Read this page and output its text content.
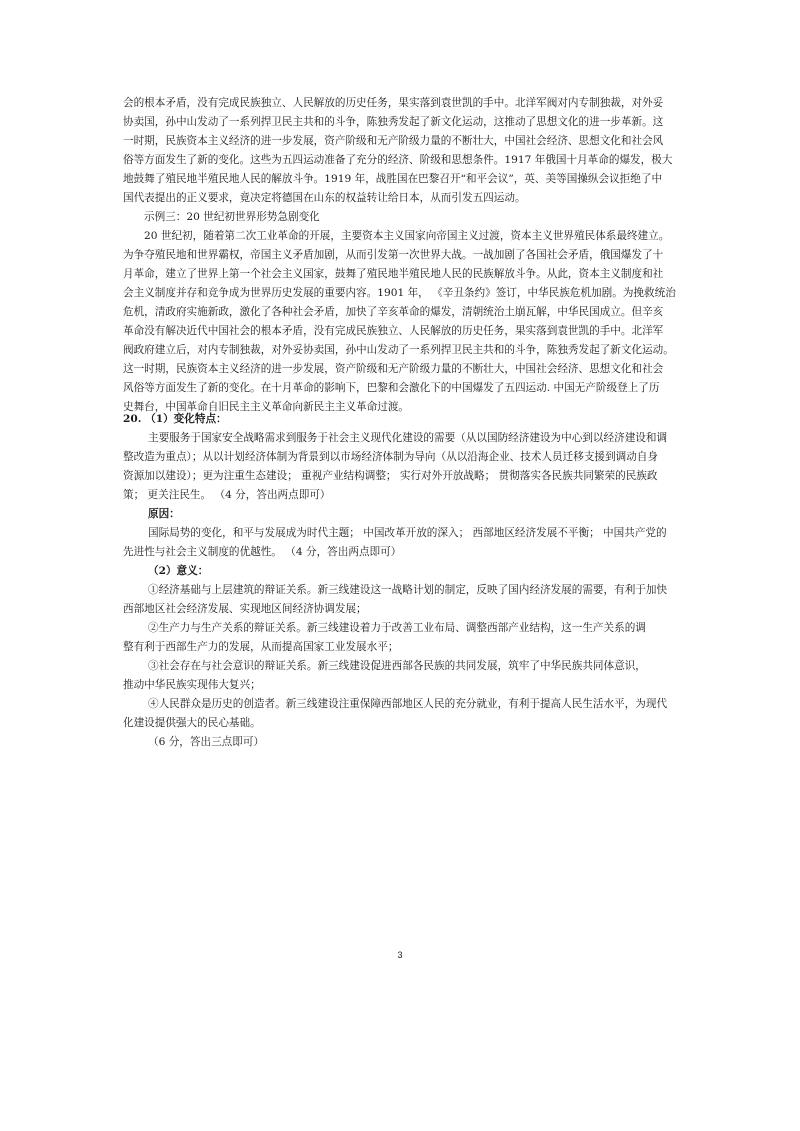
会的根本矛盾，没有完成民族独立、人民解放的历史任务，果实落到袁世凯的手中。北洋军阀对内专制独裁，对外妥
协卖国，孙中山发动了一系列捍卫民主共和的斗争，陈独秀发起了新文化运动，这推动了思想文化的进一步革新。这
一时期，民族资本主义经济的进一步发展，资产阶级和无产阶级力量的不断壮大，中国社会经济、思想文化和社会风
俗等方面发生了新的变化。这些为五四运动准备了充分的经济、阶级和思想条件。1917 年俄国十月革命的爆发，极大
地鼓舞了殖民地半殖民地人民的解放斗争。1919 年，战胜国在巴黎召开“和平会议”，英、美等国操纵会议拒绝了中
国代表提出的正义要求，竟决定将德国在山东的权益转让给日本，从而引发五四运动。
示例三：20 世纪初世界形势急剧变化
20 世纪初，随着第二次工业革命的开展，主要资本主义国家向帝国主义过渡，资本主义世界殖民体系最终建立。
为争夺殖民地和世界霸权，帝国主义矛盾加剧，从而引发第一次世界大战。一战加剧了各国社会矛盾，俄国爆发了十
月革命，建立了世界上第一个社会主义国家，鼓舞了殖民地半殖民地人民的民族解放斗争。从此，资本主义制度和社
会主义制度并存和竞争成为世界历史发展的重要内容。1901 年， 《辛丑条约》签订，中华民族危机加剧。为挽救统治
危机，清政府实施新政，激化了各种社会矛盾，加快了辛亥革命的爆发，清朝统治土崩瓦解，中华民国成立。但辛亥
革命没有解决近代中国社会的根本矛盾，没有完成民族独立、人民解放的历史任务，果实落到袁世凯的手中。北洋军
阀政府建立后，对内专制独裁，对外妥协卖国，孙中山发动了一系列捍卫民主共和的斗争，陈独秀发起了新文化运动。
这一时期，民族资本主义经济的进一步发展，资产阶级和无产阶级力量的不断壮大，中国社会经济、思想文化和社会
风俗等方面发生了新的变化。在十月革命的影响下，巴黎和会激化下的中国爆发了五四运动. 中国无产阶级登上了历
史舞台，中国革命自旧民主主义革命向新民主主义革命过渡。
20. （1）变化特点：
主要服务于国家安全战略需求到服务于社会主义现代化建设的需要（从以国防经济建设为中心到以经济建设和调
整改造为重点）；从以计划经济体制为背景到以市场经济体制为导向（从以沿海企业、技术人员迁移支援到调动自身
资源加以建设）；更为注重生态建设； 重视产业结构调整； 实行对外开放战略； 贯彻落实各民族共同繁荣的民族政
策； 更关注民生。 （4 分，答出两点即可）
原因：
国际局势的变化，和平与发展成为时代主题； 中国改革开放的深入； 西部地区经济发展不平衡； 中国共产党的
先进性与社会主义制度的优越性。 （4 分，答出两点即可）
（2）意义：
①经济基础与上层建筑的辩证关系。新三线建设这一战略计划的制定，反映了国内经济发展的需要，有利于加快
西部地区社会经济发展、实现地区间经济协调发展；
②生产力与生产关系的辩证关系。新三线建设着力于改善工业布局、调整西部产业结构，这一生产关系的调
整有利于西部生产力的发展，从而提高国家工业发展水平；
③社会存在与社会意识的辩证关系。新三线建设促进西部各民族的共同发展，筑牢了中华民族共同体意识，
推动中华民族实现伟大复兴；
④人民群众是历史的创造者。新三线建设注重保障西部地区人民的充分就业，有利于提高人民生活水平，为现代
化建设提供强大的民心基础。
（6 分，答出三点即可）
3
